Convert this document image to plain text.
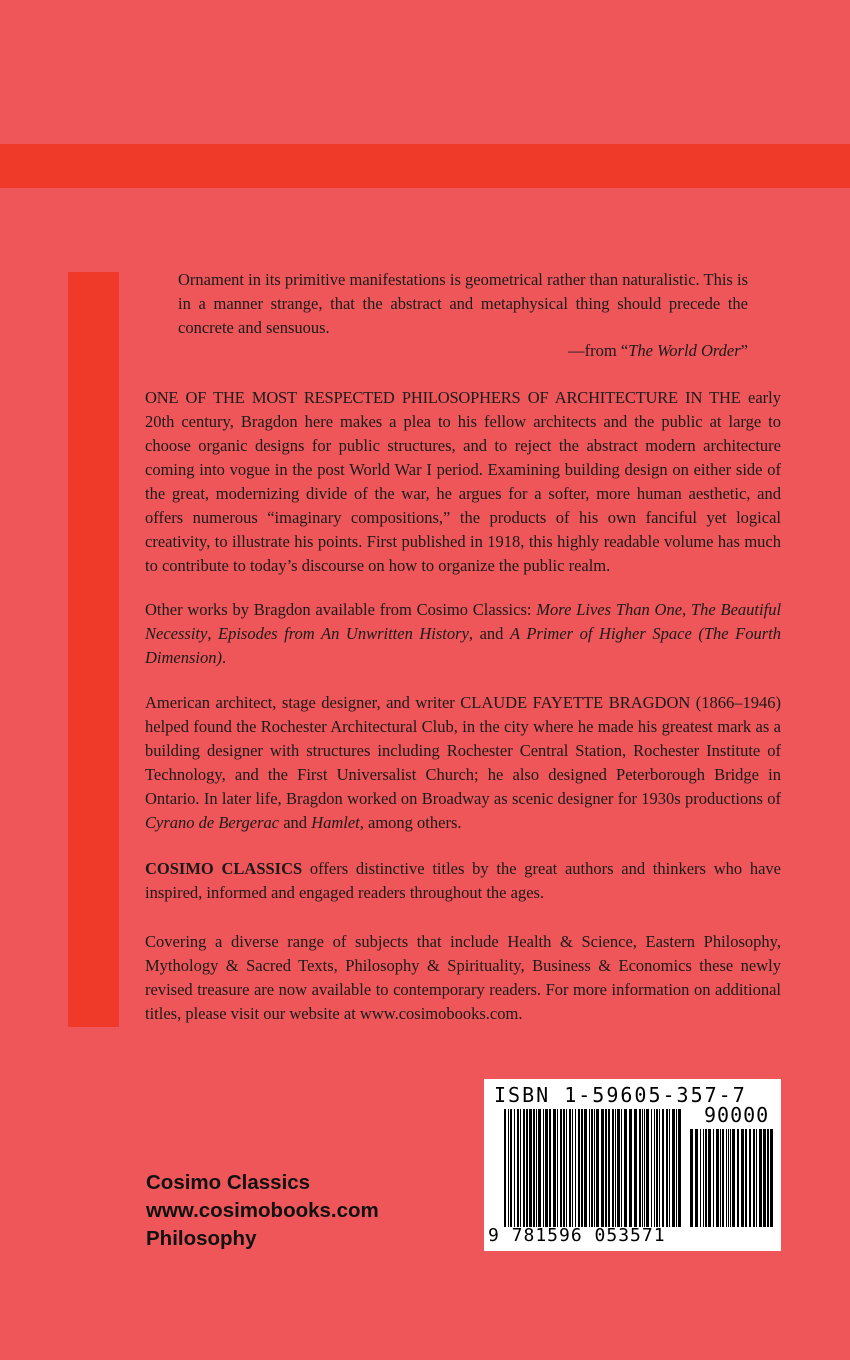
Ornament in its primitive manifestations is geometrical rather than naturalistic. This is in a manner strange, that the abstract and metaphysical thing should precede the concrete and sensuous.
—from “The World Order”
ONE OF THE MOST RESPECTED PHILOSOPHERS OF ARCHITECTURE IN THE early 20th century, Bragdon here makes a plea to his fellow architects and the public at large to choose organic designs for public structures, and to reject the abstract modern architecture coming into vogue in the post World War I period. Examining building design on either side of the great, modernizing divide of the war, he argues for a softer, more human aesthetic, and offers numerous “imaginary compositions,” the products of his own fanciful yet logical creativity, to illustrate his points. First published in 1918, this highly readable volume has much to contribute to today’s discourse on how to organize the public realm.
Other works by Bragdon available from Cosimo Classics: More Lives Than One, The Beautiful Necessity, Episodes from An Unwritten History, and A Primer of Higher Space (The Fourth Dimension).
American architect, stage designer, and writer CLAUDE FAYETTE BRAGDON (1866–1946) helped found the Rochester Architectural Club, in the city where he made his greatest mark as a building designer with structures including Rochester Central Station, Rochester Institute of Technology, and the First Universalist Church; he also designed Peterborough Bridge in Ontario. In later life, Bragdon worked on Broadway as scenic designer for 1930s productions of Cyrano de Bergerac and Hamlet, among others.
COSIMO CLASSICS offers distinctive titles by the great authors and thinkers who have inspired, informed and engaged readers throughout the ages.
Covering a diverse range of subjects that include Health & Science, Eastern Philosophy, Mythology & Sacred Texts, Philosophy & Spirituality, Business & Economics these newly revised treasure are now available to contemporary readers. For more information on additional titles, please visit our website at www.cosimobooks.com.
Cosimo Classics
www.cosimobooks.com
Philosophy
ISBN 1-59605-357-7
90000
9 781596 053571
